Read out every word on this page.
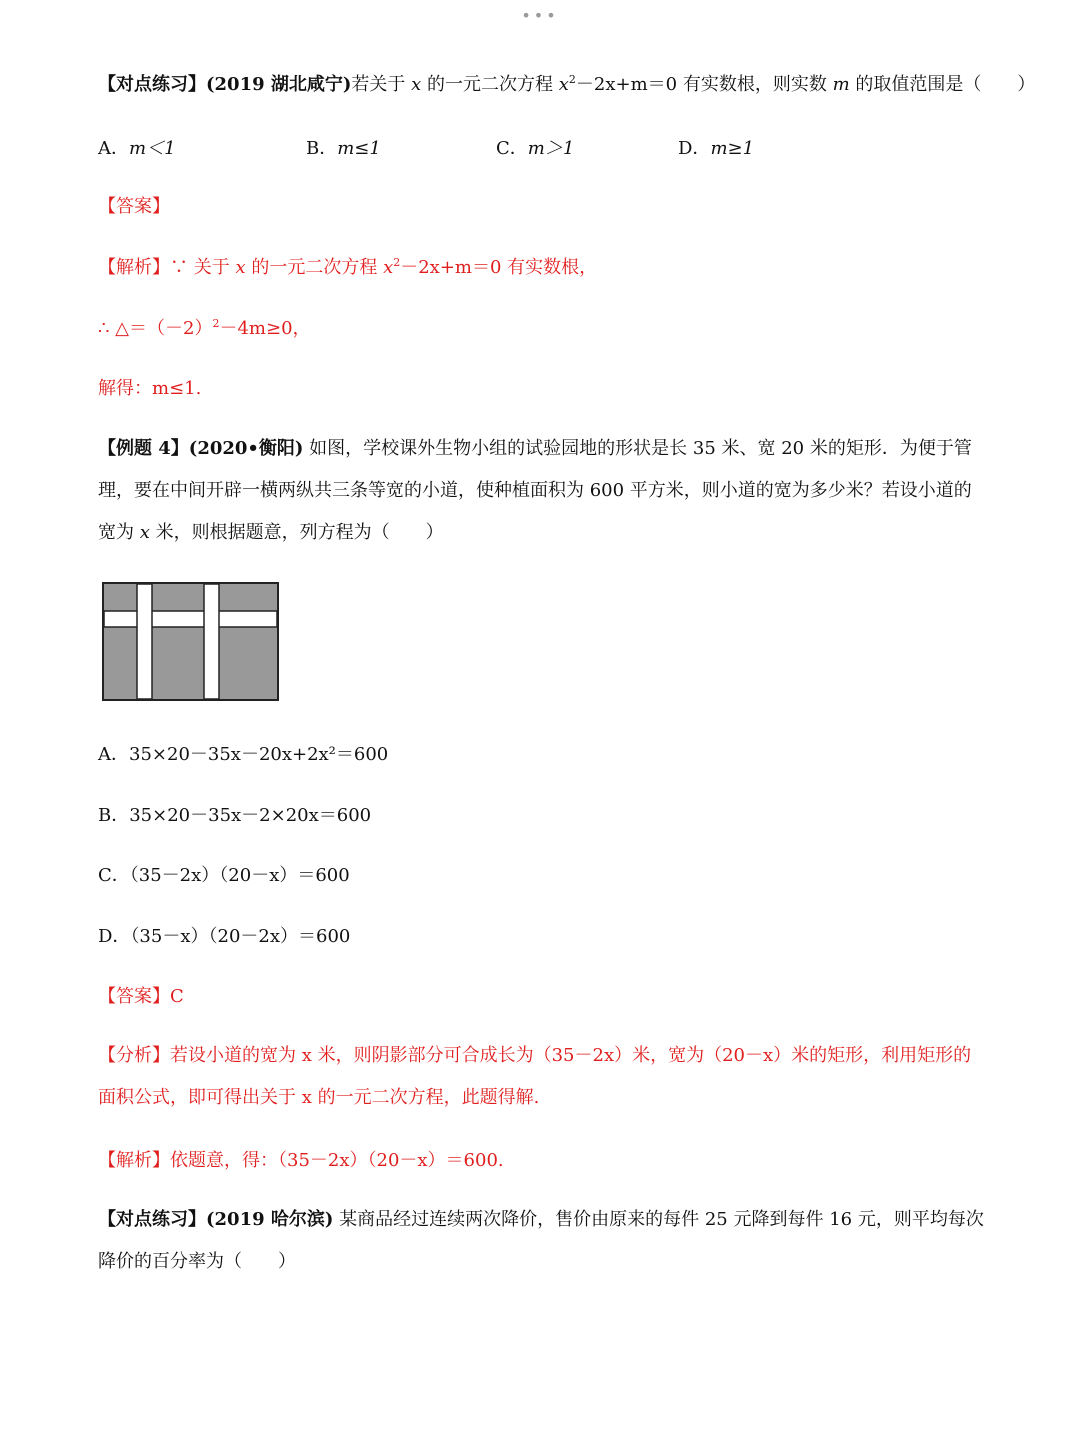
•••
【对点练习】(2019 湖北咸宁)若关于 x 的一元二次方程 $x^2-2x+m=0$ 有实数根，则实数 m 的取值范围是（　　）
A．m＜1	B．m≤1	C．m＞1	D．m≥1
【答案】
【解析】∵ 关于 x 的一元二次方程 $x^2-2x+m=0$ 有实数根，
∴ $\triangle=(-2)^2-4m\ge 0$，
解得：m≤1.
【例题 4】(2020•衡阳) 如图，学校课外生物小组的试验园地的形状是长 35 米、宽 20 米的矩形．为便于管理，要在中间开辟一横两纵共三条等宽的小道，使种植面积为 600 平方米，则小道的宽为多少米？若设小道的宽为 x 米，则根据题意，列方程为（　　）
A．35×20－35x－20x+2x²＝600
B．35×20－35x－2×20x＝600
C．（35－2x）（20－x）＝600
D．（35－x）（20－2x）＝600
【答案】C
【分析】若设小道的宽为 x 米，则阴影部分可合成长为（35－2x）米，宽为（20－x）米的矩形，利用矩形的面积公式，即可得出关于 x 的一元二次方程，此题得解.
【解析】依题意，得：（35－2x）（20－x）＝600.
【对点练习】(2019 哈尔滨) 某商品经过连续两次降价，售价由原来的每件 25 元降到每件 16 元，则平均每次降价的百分率为（　　）
